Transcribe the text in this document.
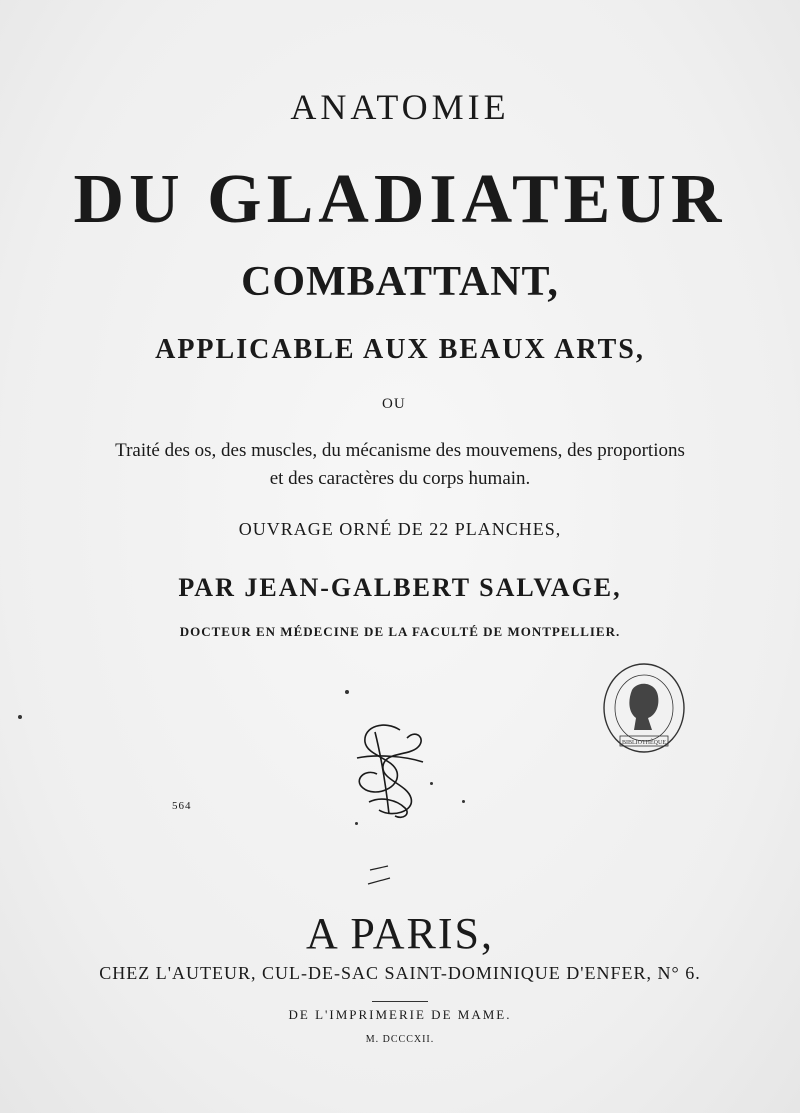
ANATOMIE
DU GLADIATEUR
COMBATTANT,
APPLICABLE AUX BEAUX ARTS,
OU
Traité des os, des muscles, du mécanisme des mouvemens, des proportions
et des caractères du corps humain.
OUVRAGE ORNÉ DE 22 PLANCHES,
PAR JEAN-GALBERT SALVAGE,
DOCTEUR EN MÉDECINE DE LA FACULTÉ DE MONTPELLIER.
564
BIBLIOTHÈQUE
A PARIS,
CHEZ L'AUTEUR, CUL-DE-SAC SAINT-DOMINIQUE D'ENFER, N° 6.
DE L'IMPRIMERIE DE MAME.
M. DCCCXII.
